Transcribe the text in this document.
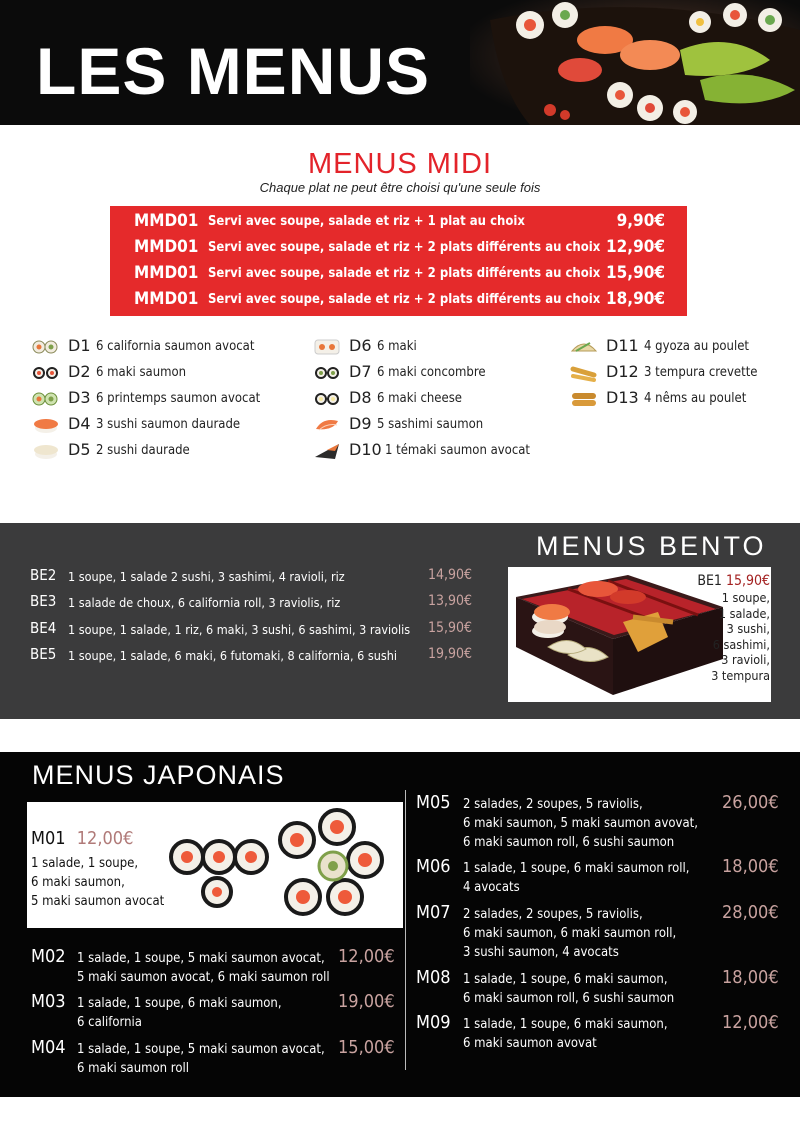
LES MENUS
MENUS MIDI
Chaque plat ne peut être choisi qu'une seule fois
MMD01 Servi avec soupe, salade et riz + 1 plat au choix	9,90€
MMD01 Servi avec soupe, salade et riz + 2 plats différents au choix 12,90€
MMD01 Servi avec soupe, salade et riz + 2 plats différents au choix 15,90€
MMD01 Servi avec soupe, salade et riz + 2 plats différents au choix 18,90€
D1 6 california saumon avocat
D2 6 maki saumon
D3 6 printemps saumon avocat
D4 3 sushi saumon daurade
D5 2 sushi daurade
D6 6 maki
D7 6 maki concombre
D8 6 maki cheese
D9 5 sashimi saumon
D10 1 témaki saumon avocat
D11 4 gyoza au poulet
D12 3 tempura crevette
D13 4 nêms au poulet
MENUS BENTO
BE2 1 soupe, 1 salade 2 sushi, 3 sashimi, 4 ravioli, riz	14,90€
BE3 1 salade de choux, 6 california roll, 3 raviolis, riz	13,90€
BE4 1 soupe, 1 salade, 1 riz, 6 maki, 3 sushi, 6 sashimi, 3 raviolis 15,90€
BE5 1 soupe, 1 salade, 6 maki, 6 futomaki, 8 california, 6 sushi 19,90€
BE1 15,90€
1 soupe,
1 salade,
3 sushi,
6 sashimi,
3 ravioli,
3 tempura
MENUS JAPONAIS
M01 12,00€
1 salade, 1 soupe,
6 maki saumon,
5 maki saumon avocat
M02	12,00€
1 salade, 1 soupe, 5 maki saumon avocat,
5 maki saumon avocat, 6 maki saumon roll
M03	19,00€
1 salade, 1 soupe, 6 maki saumon,
6 california
M04	15,00€
1 salade, 1 soupe, 5 maki saumon avocat,
6 maki saumon roll
M05	26,00€
2 salades, 2 soupes, 5 raviolis,
6 maki saumon, 5 maki saumon avovat,
6 maki saumon roll, 6 sushi saumon
M06	18,00€
1 salade, 1 soupe, 6 maki saumon roll,
4 avocats
M07	28,00€
2 salades, 2 soupes, 5 raviolis,
6 maki saumon, 6 maki saumon roll,
3 sushi saumon, 4 avocats
M08	18,00€
1 salade, 1 soupe, 6 maki saumon,
6 maki saumon roll, 6 sushi saumon
M09	12,00€
1 salade, 1 soupe, 6 maki saumon,
6 maki saumon avovat
